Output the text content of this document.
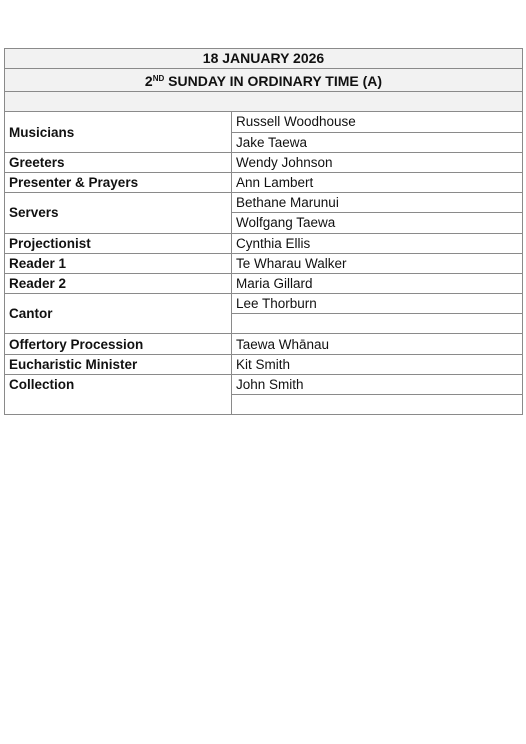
18 JANUARY 2026	
2ND SUNDAY IN ORDINARY TIME (A)	

Musicians	Russell Woodhouse
	Jake Taewa
Greeters	Wendy Johnson
Presenter & Prayers	Ann Lambert
Servers	Bethane Marunui
	Wolfgang Taewa
Projectionist	Cynthia Ellis
Reader 1	Te Wharau Walker
Reader 2	Maria Gillard
Cantor	Lee Thorburn

Offertory Procession	Taewa Whānau
Eucharistic Minister	Kit Smith
Collection	John Smith
